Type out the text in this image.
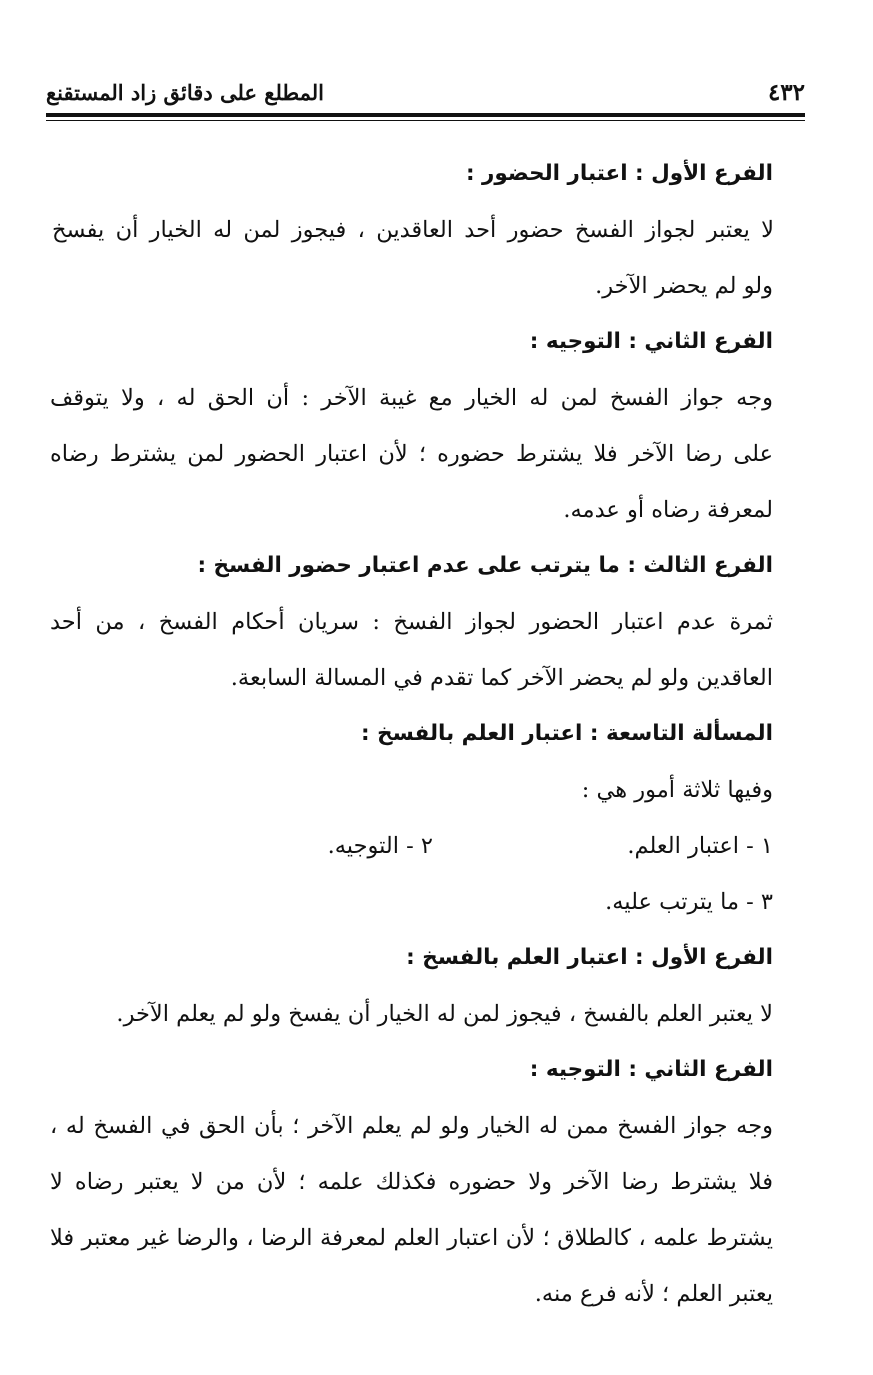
٤٣٢
المطلع على دقائق زاد المستقنع
الفرع الأول : اعتبار الحضور :
لا يعتبر لجواز الفسخ حضور أحد العاقدين ، فيجوز لمن له الخيار أن يفسخ
ولو لم يحضر الآخر.
الفرع الثاني : التوجيه :
وجه جواز الفسخ لمن له الخيار مع غيبة الآخر : أن الحق له ، ولا يتوقف
على رضا الآخر فلا يشترط حضوره ؛ لأن اعتبار الحضور لمن يشترط رضاه
لمعرفة رضاه أو عدمه.
الفرع الثالث : ما يترتب على عدم اعتبار حضور الفسخ :
ثمرة عدم اعتبار الحضور لجواز الفسخ : سريان أحكام الفسخ ، من أحد
العاقدين ولو لم يحضر الآخر كما تقدم في المسالة السابعة.
المسألة التاسعة : اعتبار العلم بالفسخ :
وفيها ثلاثة أمور هي :
١ - اعتبار العلم.
٢ - التوجيه.
٣ - ما يترتب عليه.
الفرع الأول : اعتبار العلم بالفسخ :
لا يعتبر العلم بالفسخ ، فيجوز لمن له الخيار أن يفسخ ولو لم يعلم الآخر.
الفرع الثاني : التوجيه :
وجه جواز الفسخ ممن له الخيار ولو لم يعلم الآخر ؛ بأن الحق في الفسخ له ،
فلا يشترط رضا الآخر ولا حضوره فكذلك علمه ؛ لأن من لا يعتبر رضاه لا
يشترط علمه ، كالطلاق ؛ لأن اعتبار العلم لمعرفة الرضا ، والرضا غير معتبر فلا
يعتبر العلم ؛ لأنه فرع منه.
